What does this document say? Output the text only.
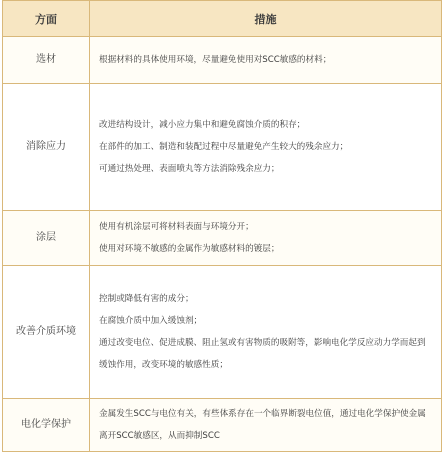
方面	措施
选材	根据材料的具体使用环境，尽量避免使用对SCC敏感的材料；

消除应力	改进结构设计，减小应力集中和避免腐蚀介质的积存；
在部件的加工、制造和装配过程中尽量避免产生较大的残余应力；
可通过热处理、表面喷丸等方法消除残余应力；

涂层	使用有机涂层可将材料表面与环境分开；
使用对环境不敏感的金属作为敏感材料的镀层；

改善介质环境	控制或降低有害的成分；
在腐蚀介质中加入缓蚀剂；
通过改变电位、促进成膜、阻止氢或有害物质的吸附等，影响电化学反应动力学而起到缓蚀作用，改变环境的敏感性质；

电化学保护	金属发生SCC与电位有关，有些体系存在一个临界断裂电位值，通过电化学保护使金属离开SCC敏感区，从而抑制SCC
